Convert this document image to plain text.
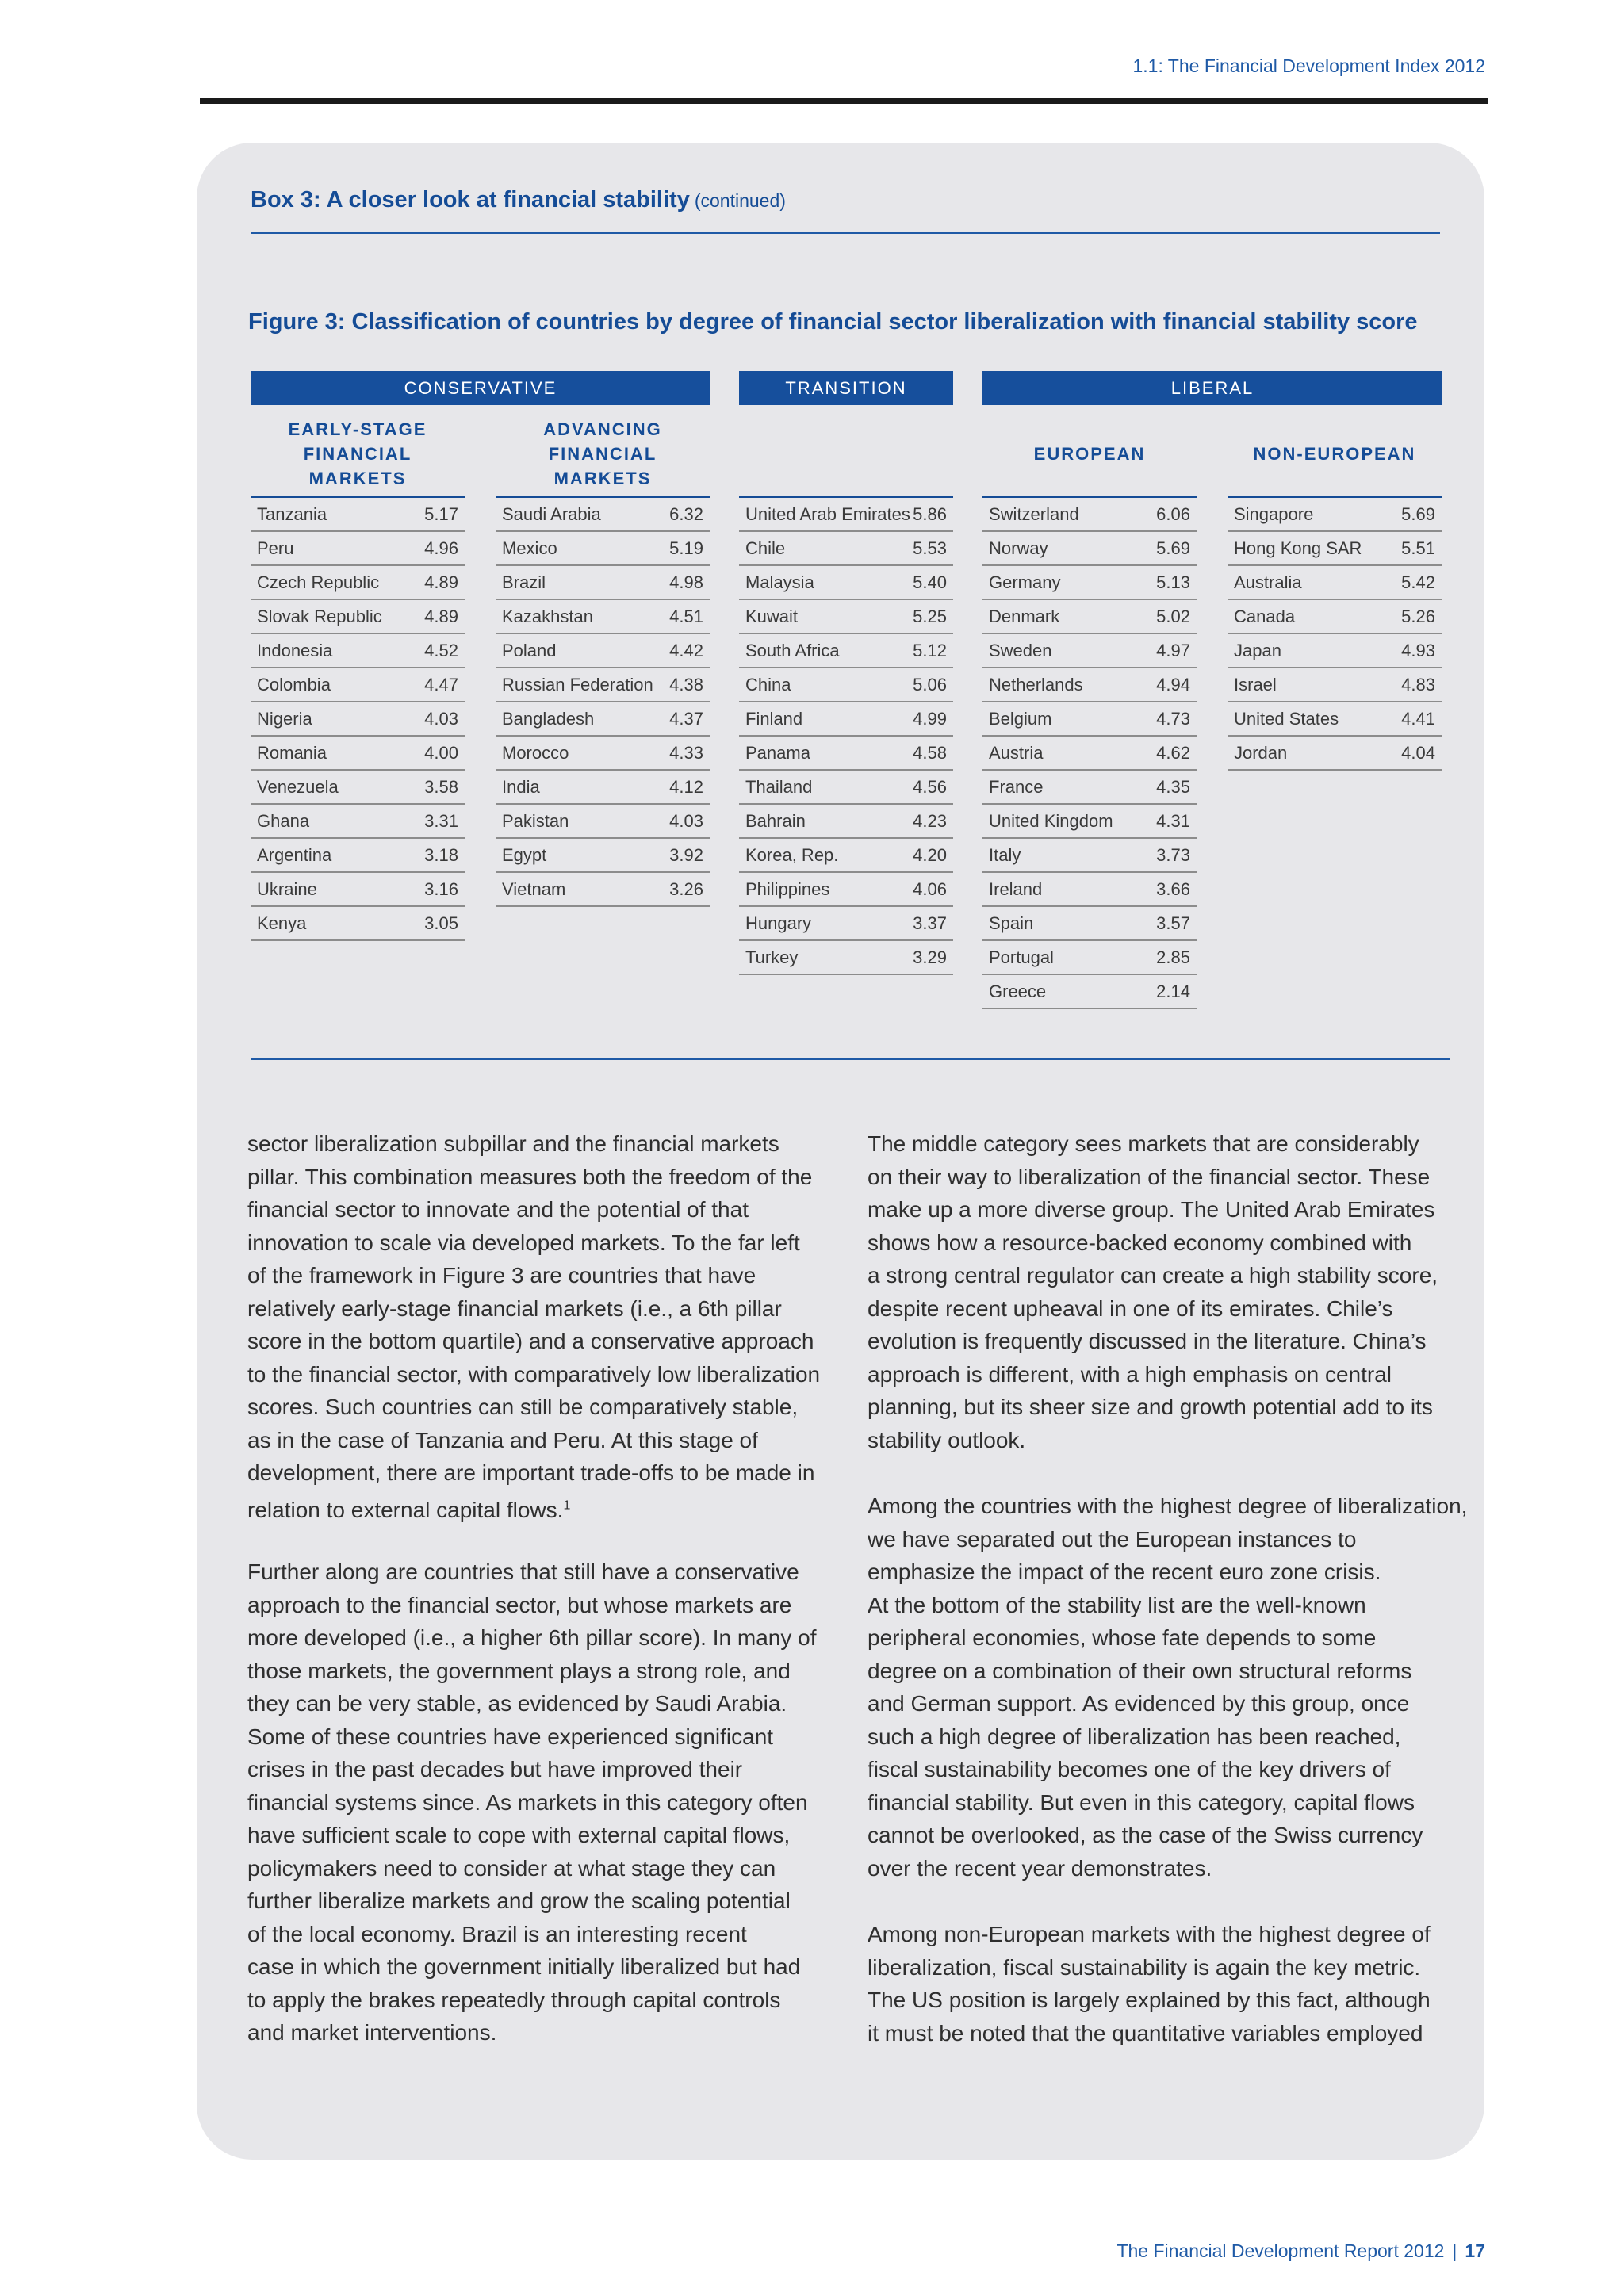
1.1: The Financial Development Index 2012
Box 3: A closer look at financial stability (continued)
Figure 3: Classification of countries by degree of financial sector liberalization with financial stability score
CONSERVATIVE	TRANSITION	LIBERAL
EARLY-STAGE
FINANCIAL
MARKETS
ADVANCING
FINANCIAL
MARKETS
EUROPEAN	NON-EUROPEAN
Tanzania	5.17
Peru	4.96
Czech Republic	4.89
Slovak Republic 4.89
Indonesia	4.52
Colombia	4.47
Nigeria	4.03
Romania	4.00
Venezuela	3.58
Ghana	3.31
Argentina	3.18
Ukraine	3.16
Kenya	3.05
Saudi Arabia	6.32
Mexico	5.19
Brazil	4.98
Kazakhstan	4.51
Poland	4.42
Russian Federation 4.38
Bangladesh	4.37
Morocco	4.33
India	4.12
Pakistan	4.03
Egypt	3.92
Vietnam	3.26
United Arab Emirates 5.86
Chile	5.53
Malaysia	5.40
Kuwait	5.25
South Africa	5.12
China	5.06
Finland	4.99
Panama	4.58
Thailand	4.56
Bahrain	4.23
Korea, Rep.	4.20
Philippines	4.06
Hungary	3.37
Turkey	3.29
Switzerland	6.06
Norway	5.69
Germany	5.13
Denmark	5.02
Sweden	4.97
Netherlands	4.94
Belgium	4.73
Austria	4.62
France	4.35
United Kingdom 4.31
Italy	3.73
Ireland	3.66
Spain	3.57
Portugal	2.85
Greece	2.14
Singapore	5.69
Hong Kong SAR 5.51
Australia	5.42
Canada	5.26
Japan	4.93
Israel	4.83
United States	4.41
Jordan	4.04
sector liberalization subpillar and the financial markets
pillar. This combination measures both the freedom of the
financial sector to innovate and the potential of that
innovation to scale via developed markets. To the far left
of the framework in Figure 3 are countries that have
relatively early-stage financial markets (i.e., a 6th pillar
score in the bottom quartile) and a conservative approach
to the financial sector, with comparatively low liberalization
scores. Such countries can still be comparatively stable,
as in the case of Tanzania and Peru. At this stage of
development, there are important trade-offs to be made in
relation to external capital flows.$^1$
Further along are countries that still have a conservative
approach to the financial sector, but whose markets are
more developed (i.e., a higher 6th pillar score). In many of
those markets, the government plays a strong role, and
they can be very stable, as evidenced by Saudi Arabia.
Some of these countries have experienced significant
crises in the past decades but have improved their
financial systems since. As markets in this category often
have sufficient scale to cope with external capital flows,
policymakers need to consider at what stage they can
further liberalize markets and grow the scaling potential
of the local economy. Brazil is an interesting recent
case in which the government initially liberalized but had
to apply the brakes repeatedly through capital controls
and market interventions.

The middle category sees markets that are considerably
on their way to liberalization of the financial sector. These
make up a more diverse group. The United Arab Emirates
shows how a resource-backed economy combined with
a strong central regulator can create a high stability score,
despite recent upheaval in one of its emirates. Chile’s
evolution is frequently discussed in the literature. China’s
approach is different, with a high emphasis on central
planning, but its sheer size and growth potential add to its
stability outlook.

Among the countries with the highest degree of liberalization,
we have separated out the European instances to
emphasize the impact of the recent euro zone crisis.
At the bottom of the stability list are the well-known
peripheral economies, whose fate depends to some
degree on a combination of their own structural reforms
and German support. As evidenced by this group, once
such a high degree of liberalization has been reached,
fiscal sustainability becomes one of the key drivers of
financial stability. But even in this category, capital flows
cannot be overlooked, as the case of the Swiss currency
over the recent year demonstrates.

Among non-European markets with the highest degree of
liberalization, fiscal sustainability is again the key metric.
The US position is largely explained by this fact, although
it must be noted that the quantitative variables employed

The Financial Development Report 2012 | 17
